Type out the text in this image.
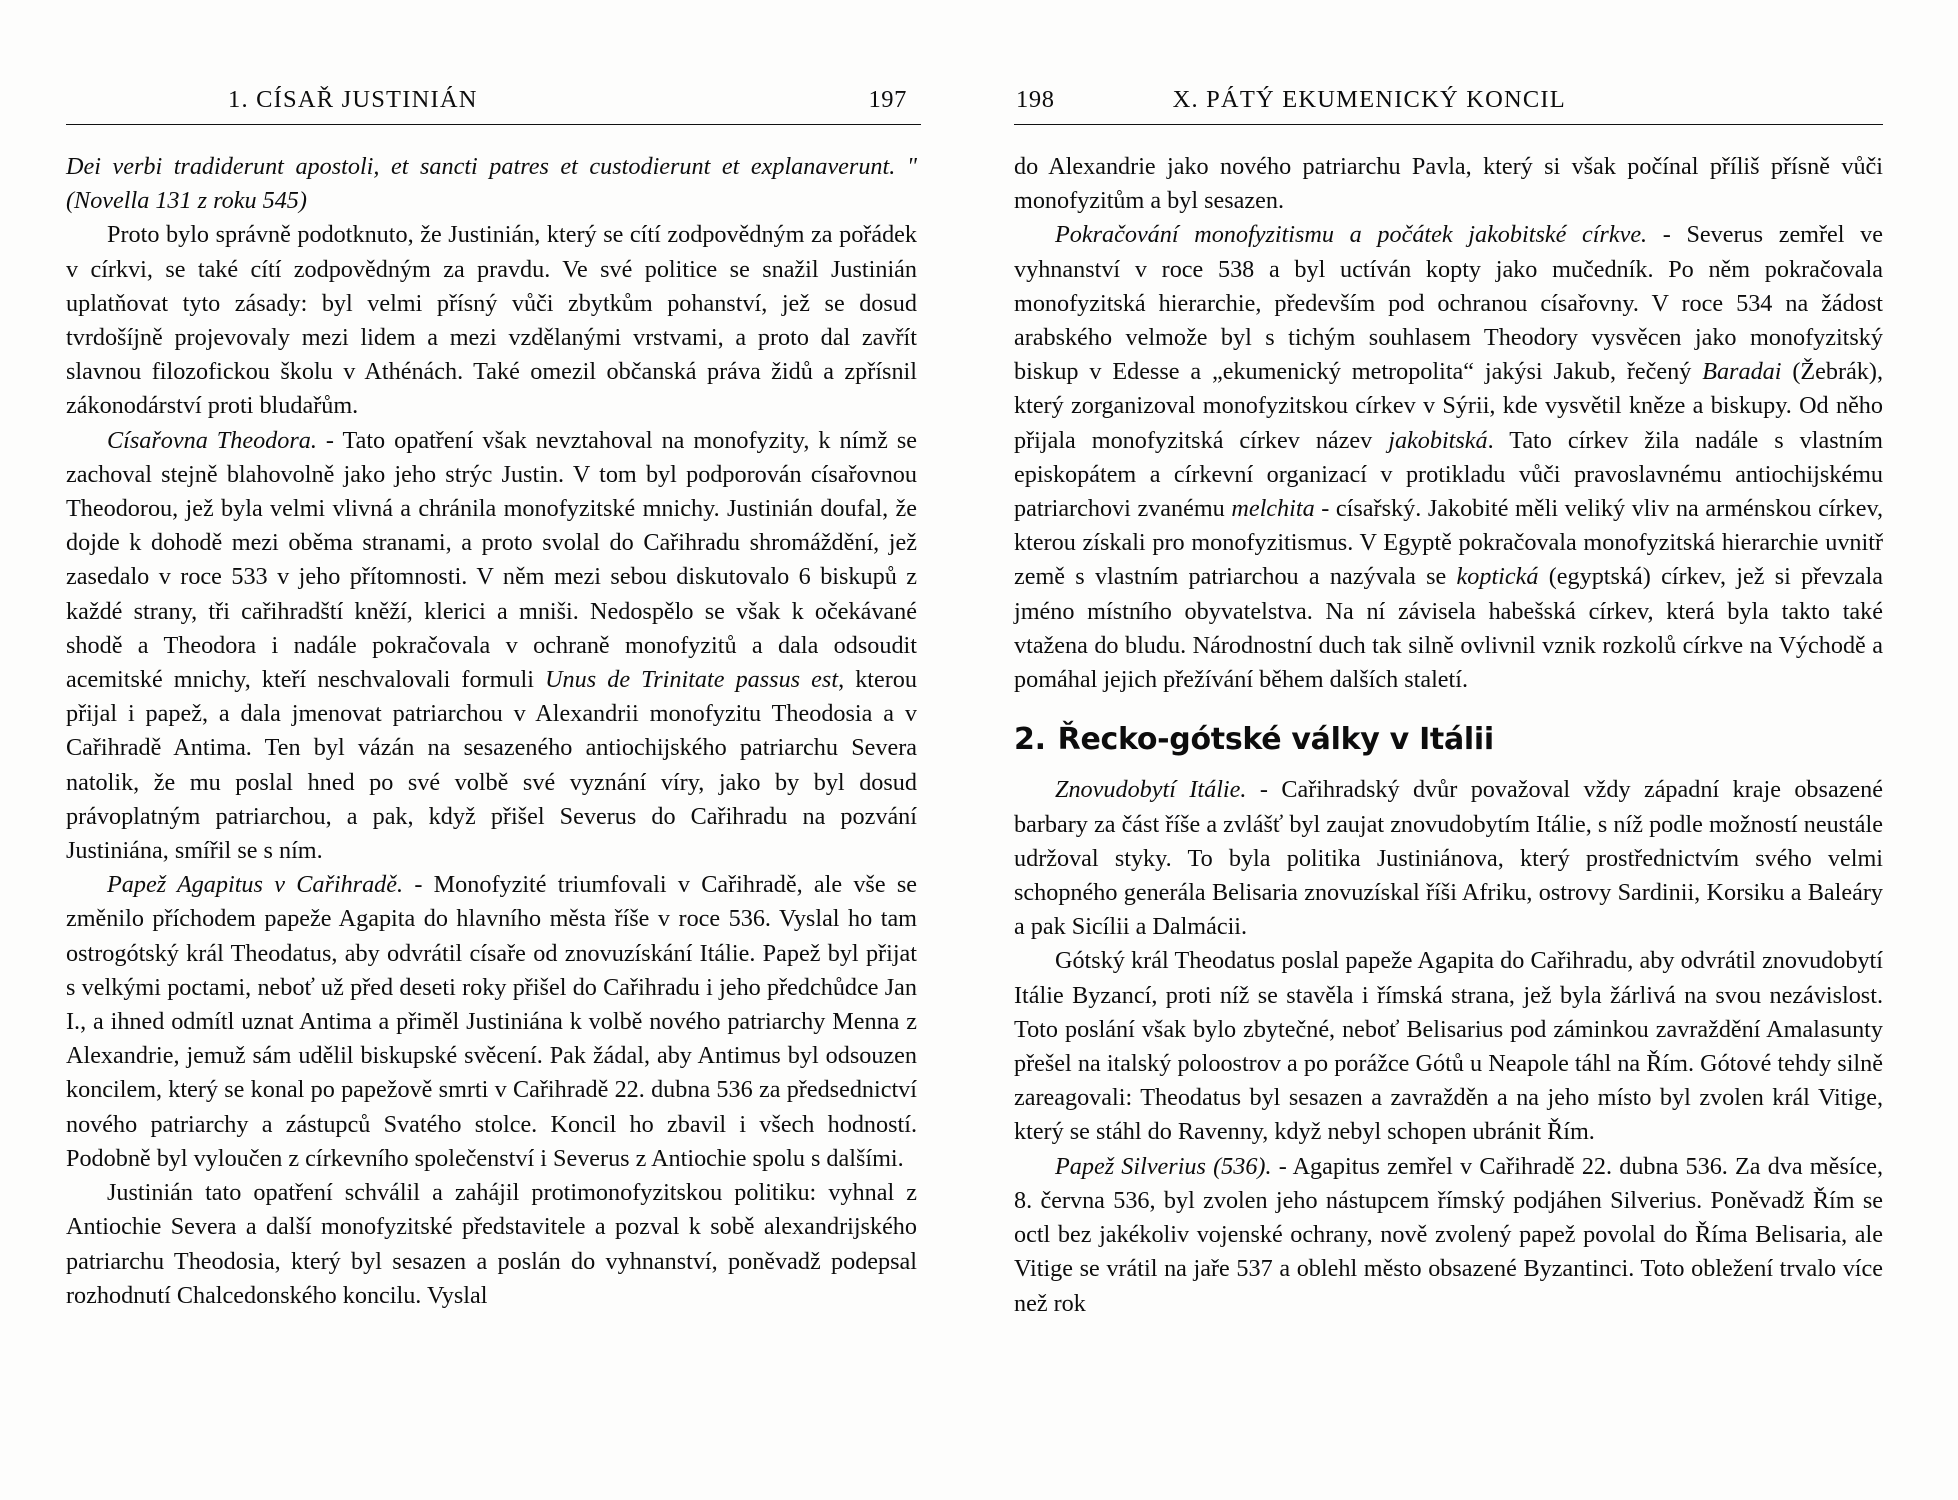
1. CÍSAŘ JUSTINIÁN	197

Dei verbi tradiderunt apostoli, et sancti patres et custodierunt et explanaverunt. " (Novella 131 z roku 545)

Proto bylo správně podotknuto, že Justinián, který se cítí zodpovědným za pořádek v církvi, se také cítí zodpovědným za pravdu. Ve své politice se snažil Justinián uplatňovat tyto zásady: byl velmi přísný vůči zbytkům pohanství, jež se dosud tvrdošíjně projevovaly mezi lidem a mezi vzdělanými vrstvami, a proto dal zavřít slavnou filozofickou školu v Athénách. Také omezil občanská práva židů a zpřísnil zákonodárství proti bludařům.

Císařovna Theodora. - Tato opatření však nevztahoval na monofyzity, k nímž se zachoval stejně blahovolně jako jeho strýc Justin. V tom byl podporován císařovnou Theodorou, jež byla velmi vlivná a chránila monofyzitské mnichy. Justinián doufal, že dojde k dohodě mezi oběma stranami, a proto svolal do Cařihradu shromáždění, jež zasedalo v roce 533 v jeho přítomnosti. V něm mezi sebou diskutovalo 6 biskupů z každé strany, tři cařihradští kněží, klerici a mniši. Nedospělo se však k očekávané shodě a Theodora i nadále pokračovala v ochraně monofyzitů a dala odsoudit acemitské mnichy, kteří neschvalovali formuli Unus de Trinitate passus est, kterou přijal i papež, a dala jmenovat patriarchou v Alexandrii monofyzitu Theodosia a v Cařihradě Antima. Ten byl vázán na sesazeného antiochijského patriarchu Severa natolik, že mu poslal hned po své volbě své vyznání víry, jako by byl dosud právoplatným patriarchou, a pak, když přišel Severus do Cařihradu na pozvání Justiniána, smířil se s ním.

Papež Agapitus v Cařihradě. - Monofyzité triumfovali v Cařihradě, ale vše se změnilo příchodem papeže Agapita do hlavního města říše v roce 536. Vyslal ho tam ostrogótský král Theodatus, aby odvrátil císaře od znovuzískání Itálie. Papež byl přijat s velkými poctami, neboť už před deseti roky přišel do Cařihradu i jeho předchůdce Jan I., a ihned odmítl uznat Antima a přiměl Justiniána k volbě nového patriarchy Menna z Alexandrie, jemuž sám udělil biskupské svěcení. Pak žádal, aby Antimus byl odsouzen koncilem, který se konal po papežově smrti v Cařihradě 22. dubna 536 za předsednictví nového patriarchy a zástupců Svatého stolce. Koncil ho zbavil i všech hodností. Podobně byl vyloučen z církevního společenství i Severus z Antiochie spolu s dalšími.

Justinián tato opatření schválil a zahájil protimonofyzitskou politiku: vyhnal z Antiochie Severa a další monofyzitské představitele a pozval k sobě alexandrijského patriarchu Theodosia, který byl sesazen a poslán do vyhnanství, poněvadž podepsal rozhodnutí Chalcedonského koncilu. Vyslal

198	X. PÁTÝ EKUMENICKÝ KONCIL

do Alexandrie jako nového patriarchu Pavla, který si však počínal příliš přísně vůči monofyzitům a byl sesazen.

Pokračování monofyzitismu a počátek jakobitské církve. - Severus zemřel ve vyhnanství v roce 538 a byl uctíván kopty jako mučedník. Po něm pokračovala monofyzitská hierarchie, především pod ochranou císařovny. V roce 534 na žádost arabského velmože byl s tichým souhlasem Theodory vysvěcen jako monofyzitský biskup v Edesse a „ekumenický metropolita“ jakýsi Jakub, řečený Baradai (Žebrák), který zorganizoval monofyzitskou církev v Sýrii, kde vysvětil kněze a biskupy. Od něho přijala monofyzitská církev název jakobitská. Tato církev žila nadále s vlastním episkopátem a církevní organizací v protikladu vůči pravoslavnému antiochijskému patriarchovi zvanému melchita - císařský. Jakobité měli veliký vliv na arménskou církev, kterou získali pro monofyzitismus. V Egyptě pokračovala monofyzitská hierarchie uvnitř země s vlastním patriarchou a nazývala se koptická (egyptská) církev, jež si převzala jméno místního obyvatelstva. Na ní závisela habešská církev, která byla takto také vtažena do bludu. Národnostní duch tak silně ovlivnil vznik rozkolů církve na Východě a pomáhal jejich přežívání během dalších staletí.

2. Řecko-gótské války v Itálii

Znovudobytí Itálie. - Cařihradský dvůr považoval vždy západní kraje obsazené barbary za část říše a zvlášť byl zaujat znovudobytím Itálie, s níž podle možností neustále udržoval styky. To byla politika Justiniánova, který prostřednictvím svého velmi schopného generála Belisaria znovuzískal říši Afriku, ostrovy Sardinii, Korsiku a Baleáry a pak Sicílii a Dalmácii.

Gótský král Theodatus poslal papeže Agapita do Cařihradu, aby odvrátil znovudobytí Itálie Byzancí, proti níž se stavěla i římská strana, jež byla žárlivá na svou nezávislost. Toto poslání však bylo zbytečné, neboť Belisarius pod záminkou zavraždění Amalasunty přešel na italský poloostrov a po porážce Gótů u Neapole táhl na Řím. Gótové tehdy silně zareagovali: Theodatus byl sesazen a zavražděn a na jeho místo byl zvolen král Vitige, který se stáhl do Ravenny, když nebyl schopen ubránit Řím.

Papež Silverius (536). - Agapitus zemřel v Cařihradě 22. dubna 536. Za dva měsíce, 8. června 536, byl zvolen jeho nástupcem římský podjáhen Silverius. Poněvadž Řím se octl bez jakékoliv vojenské ochrany, nově zvolený papež povolal do Říma Belisaria, ale Vitige se vrátil na jaře 537 a oblehl město obsazené Byzantinci. Toto obležení trvalo více než rok
